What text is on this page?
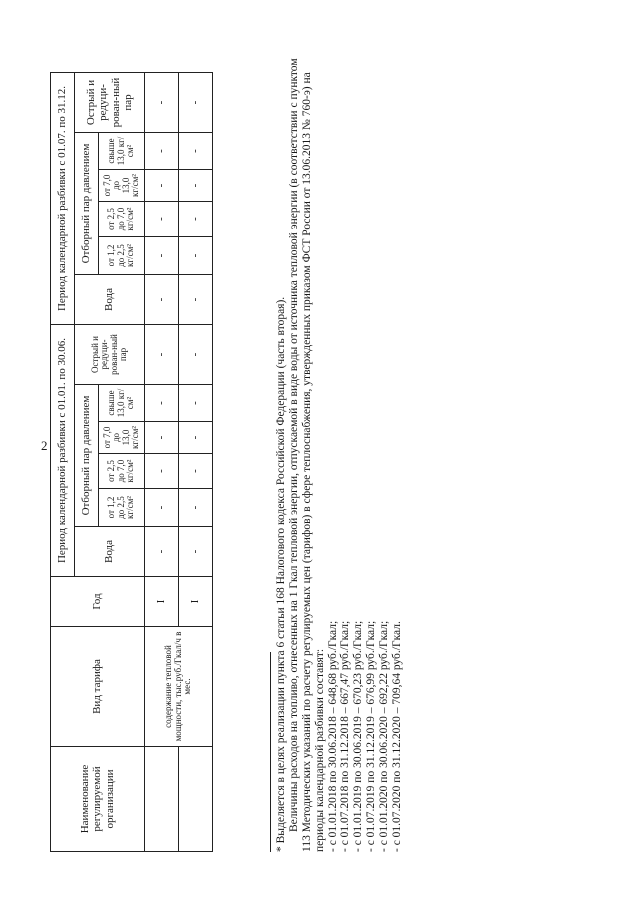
2
Наименование регулируемой организации	Вид тарифа	Год	Период календарной разбивки с 01.01. по 30.06.						Период календарной разбивки с 01.07. по 31.12.					
			Вода	Отборный пар давлением				Острый и редуци-рован-ный пар	Вода	Отборный пар давлением				Острый и редуци-рован-ный пар
				от 1,2 до 2,5 кг/см²	от 2,5 до 7,0 кг/см²	от 7,0 до 13,0 кг/см²	свыше 13,0 кг/см²			от 1,2 до 2,5 кг/см²	от 2,5 до 7,0 кг/см²	от 7,0 до 13,0 кг/см²	свыше 13,0 кг/см²	

	содержание тепловой мощности, тыс.руб./Гкал/ч в мес.	I	-	-	-	-	-	-	-	-	-	-	-	-
		I	-	-	-	-	-	-	-	-	-	-	-	-

* Выделяется в целях реализации пункта 6 статьи 168 Налогового кодекса Российской Федерации (часть вторая). Величины расходов на топливо, отнесенных на 1 Гкал тепловой энергии, отпускаемой в виде воды от источника тепловой энергии (в соответствии с пунктом 113 Методических указаний по расчету регулируемых цен (тарифов) в сфере теплоснабжения, утвержденных приказом ФСТ России от 13.06.2013 № 760-э) на периоды календарной разбивки составят: - с 01.01.2018 по 30.06.2018 – 648,68 руб./Гкал; - с 01.07.2018 по 31.12.2018 – 667,47 руб./Гкал; - с 01.01.2019 по 30.06.2019 – 670,23 руб./Гкал; - с 01.07.2019 по 31.12.2019 – 676,99 руб./Гкал; - с 01.01.2020 по 30.06.2020 – 692,22 руб./Гкал; - с 01.07.2020 по 31.12.2020 – 709,64 руб./Гкал.
